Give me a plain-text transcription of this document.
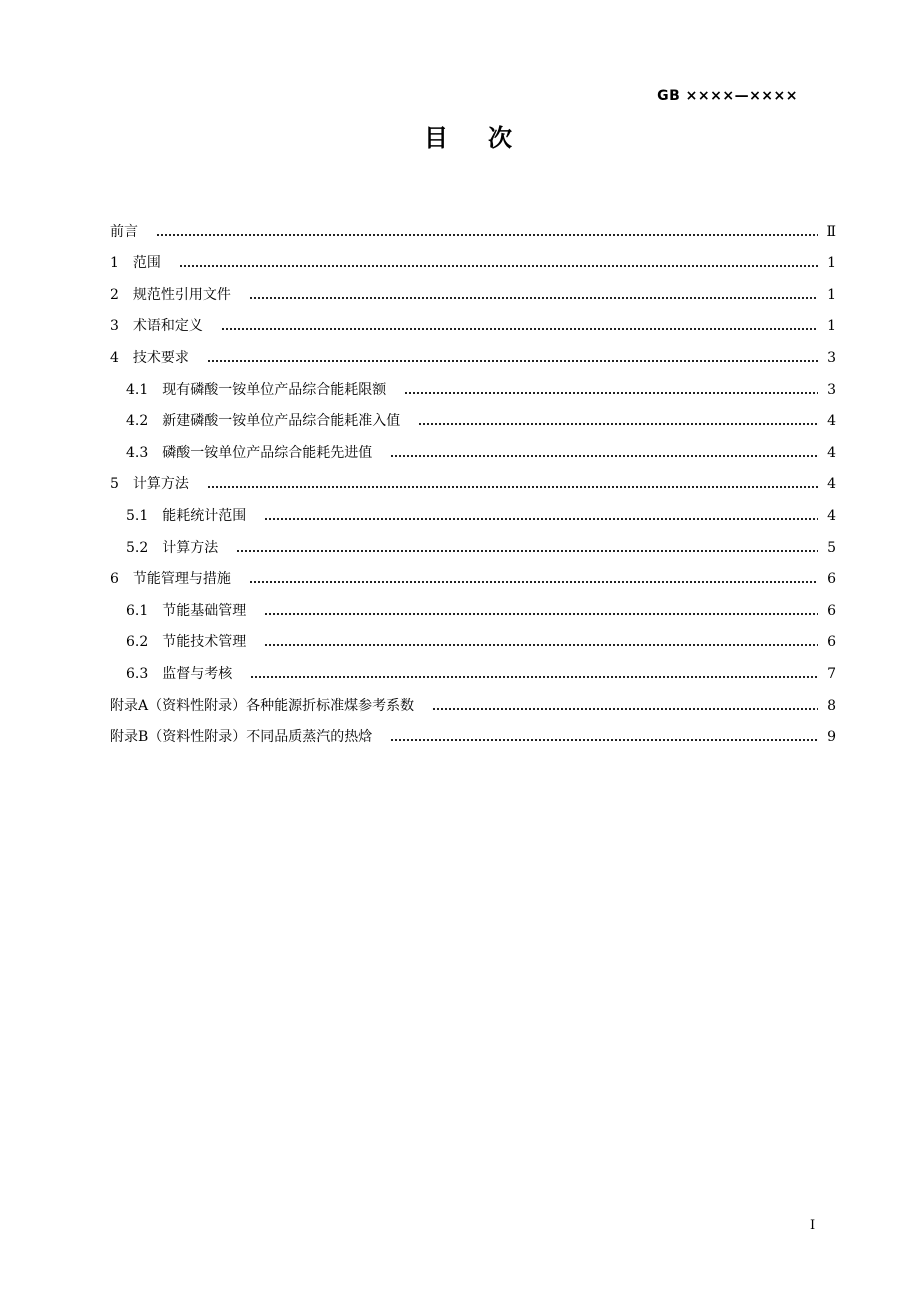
GB ××××—××××
目次
前言	Ⅱ
1 范围	1
2 规范性引用文件	1
3 术语和定义	1
4 技术要求	3
4.1 现有磷酸一铵单位产品综合能耗限额	3
4.2 新建磷酸一铵单位产品综合能耗准入值	4
4.3 磷酸一铵单位产品综合能耗先进值	4
5 计算方法	4
5.1 能耗统计范围	4
5.2 计算方法	5
6 节能管理与措施	6
6.1 节能基础管理	6
6.2 节能技术管理	6
6.3 监督与考核	7
附录A（资料性附录） 各种能源折标准煤参考系数	8
附录B（资料性附录） 不同品质蒸汽的热焓	9
I
